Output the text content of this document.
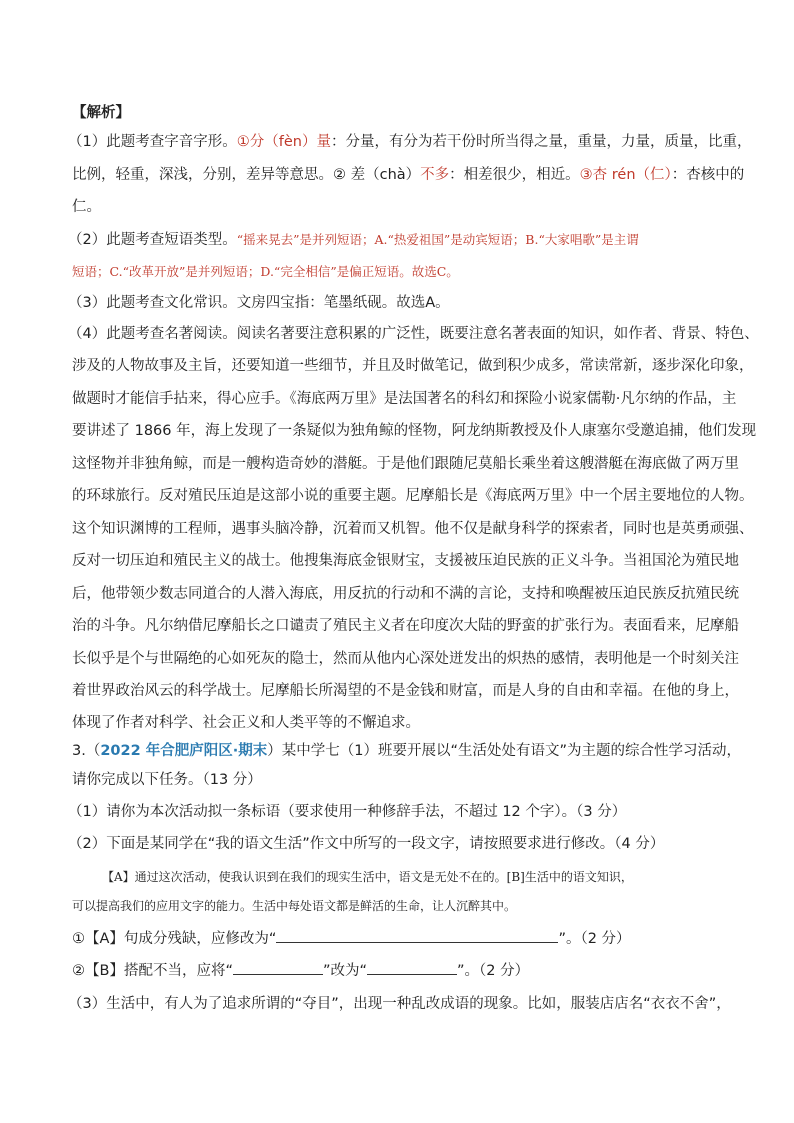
【解析】
（1）此题考查字音字形。①分（fèn）量：分量，有分为若干份时所当得之量，重量，力量，质量，比重，
比例，轻重，深浅，分别，差异等意思。② 差（chà）不多：相差很少，相近。③杏 rén（仁）：杏核中的
仁。
（2）此题考查短语类型。“摇来晃去”是并列短语；A.“热爱祖国”是动宾短语；B.“大家唱歌”是主谓
短语；C.“改革开放”是并列短语；D.“完全相信”是偏正短语。故选C。
（3）此题考查文化常识。文房四宝指：笔墨纸砚。故选A。
（4）此题考查名著阅读。阅读名著要注意积累的广泛性，既要注意名著表面的知识，如作者、背景、特色、
涉及的人物故事及主旨，还要知道一些细节，并且及时做笔记，做到积少成多，常读常新，逐步深化印象，
做题时才能信手拈来，得心应手。《海底两万里》是法国著名的科幻和探险小说家儒勒·凡尔纳的作品，主
要讲述了 1866 年，海上发现了一条疑似为独角鲸的怪物，阿龙纳斯教授及仆人康塞尔受邀追捕，他们发现
这怪物并非独角鲸，而是一艘构造奇妙的潜艇。于是他们跟随尼莫船长乘坐着这艘潜艇在海底做了两万里
的环球旅行。反对殖民压迫是这部小说的重要主题。尼摩船长是《海底两万里》中一个居主要地位的人物。
这个知识渊博的工程师，遇事头脑冷静，沉着而又机智。他不仅是献身科学的探索者，同时也是英勇顽强、
反对一切压迫和殖民主义的战士。他搜集海底金银财宝，支援被压迫民族的正义斗争。当祖国沦为殖民地
后，他带领少数志同道合的人潜入海底，用反抗的行动和不满的言论，支持和唤醒被压迫民族反抗殖民统
治的斗争。凡尔纳借尼摩船长之口谴责了殖民主义者在印度次大陆的野蛮的扩张行为。表面看来，尼摩船
长似乎是个与世隔绝的心如死灰的隐士，然而从他内心深处迸发出的炽热的感情，表明他是一个时刻关注
着世界政治风云的科学战士。尼摩船长所渴望的不是金钱和财富，而是人身的自由和幸福。在他的身上，
体现了作者对科学、社会正义和人类平等的不懈追求。
3.（2022 年合肥庐阳区·期末）某中学七（1）班要开展以“生活处处有语文”为主题的综合性学习活动，
请你完成以下任务。（13 分）
（1）请你为本次活动拟一条标语（要求使用一种修辞手法，不超过 12 个字）。（3 分）
（2）下面是某同学在“我的语文生活”作文中所写的一段文字，请按照要求进行修改。（4 分）
【A】通过这次活动，使我认识到在我们的现实生活中，语文是无处不在的。[B]生活中的语文知识，
可以提高我们的应用文字的能力。生活中每处语文都是鲜活的生命，让人沉醉其中。
①【A】句成分残缺，应修改为“	”。（2 分）
②【B】搭配不当，应将“	”改为“	”。（2 分）
（3）生活中，有人为了追求所谓的“夺目”，出现一种乱改成语的现象。比如，服装店店名“衣衣不舍”，
